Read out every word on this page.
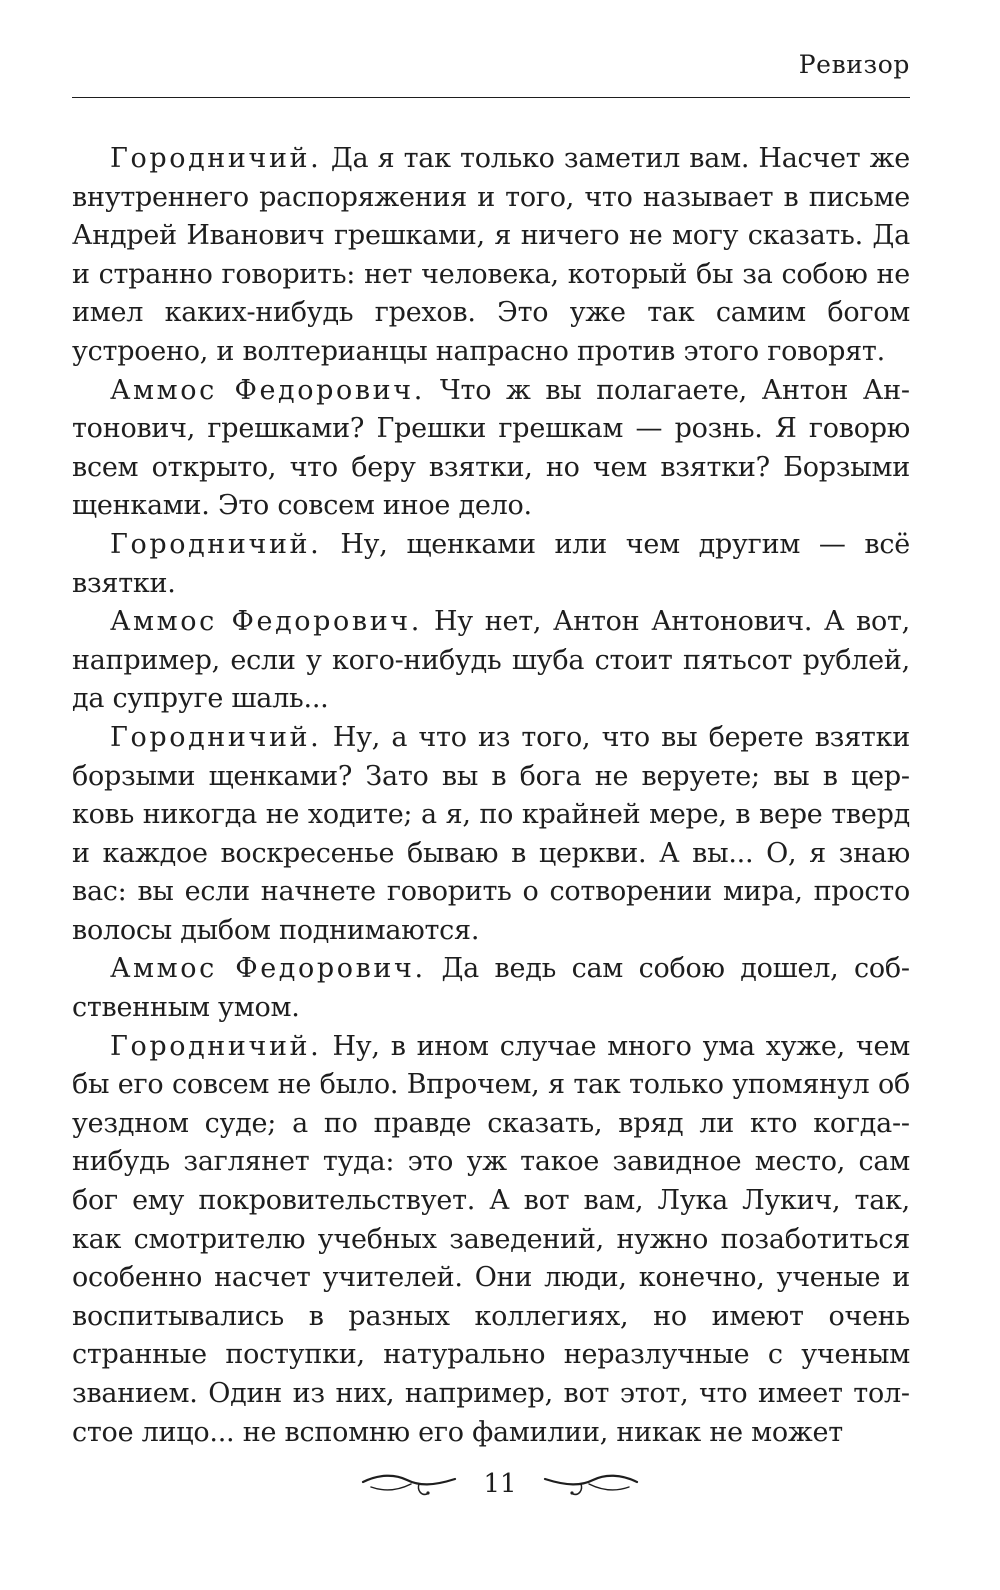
Ревизор

Городничий. Да я так только заметил вам. Насчет же внутреннего распоряжения и того, что называет в письме Андрей Иванович грешками, я ничего не могу сказать. Да и странно говорить: нет человека, который бы за собою не имел каких-нибудь грехов. Это уже так самим богом устроено, и волтерианцы напрасно против этого говорят.

Аммос Федорович. Что ж вы полагаете, Антон Антонович, грешками? Грешки грешкам — рознь. Я говорю всем открыто, что беру взятки, но чем взятки? Борзыми щенками. Это совсем иное дело.

Городничий. Ну, щенками или чем другим — всё взятки.

Аммос Федорович. Ну нет, Антон Антонович. А вот, например, если у кого-нибудь шуба стоит пятьсот рублей, да супруге шаль...

Городничий. Ну, а что из того, что вы берете взятки борзыми щенками? Зато вы в бога не веруете; вы в церковь никогда не ходите; а я, по крайней мере, в вере тверд и каждое воскресенье бываю в церкви. А вы... О, я знаю вас: вы если начнете говорить о сотворении мира, просто волосы дыбом поднимаются.

Аммос Федорович. Да ведь сам собою дошел, собственным умом.

Городничий. Ну, в ином случае много ума хуже, чем бы его совсем не было. Впрочем, я так только упомянул об уездном суде; а по правде сказать, вряд ли кто когда-нибудь заглянет туда: это уж такое завидное место, сам бог ему покровительствует. А вот вам, Лука Лукич, так, как смотрителю учебных заведений, нужно позаботиться особенно насчет учителей. Они люди, конечно, ученые и воспитывались в разных коллегиях, но имеют очень странные поступки, натурально неразлучные с ученым званием. Один из них, например, вот этот, что имеет толстое лицо... не вспомню его фамилии, никак не может

11
